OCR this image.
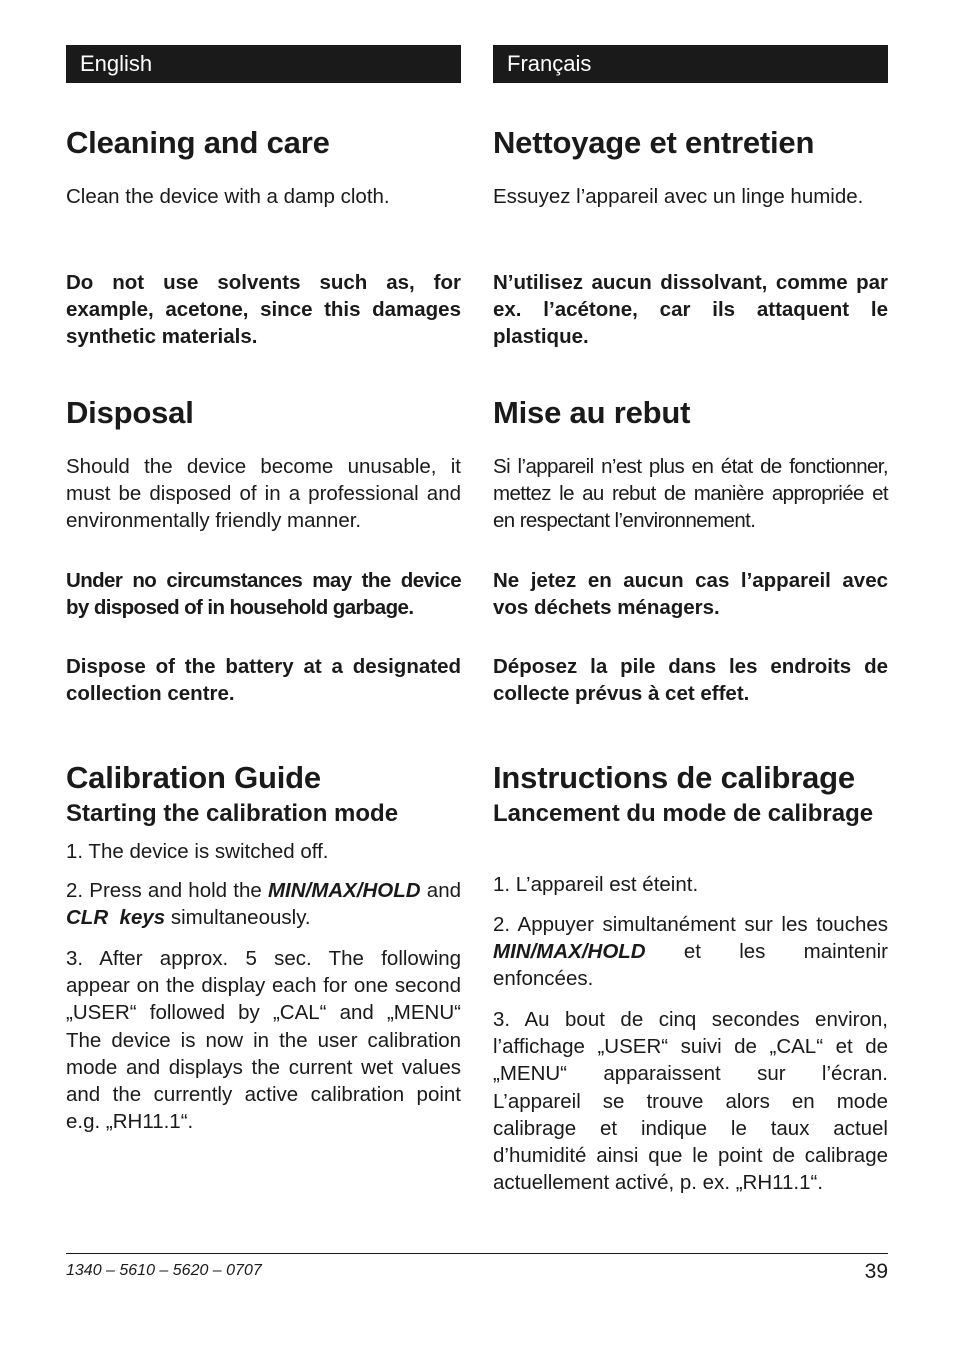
English
Cleaning and care

Clean the device with a damp cloth.

Do not use solvents such as, for example, acetone, since this damages synthetic materials.

Disposal

Should the device become unusable, it must be disposed of in a professional and environmentally friendly manner.

Under no circumstances may the device by disposed of in household garbage.

Dispose of the battery at a designated collection centre.

Calibration Guide
Starting the calibration mode

1. The device is switched off.

2. Press and hold the MIN/MAX/HOLD and CLR keys simultaneously.

3. After approx. 5 sec. The following appear on the display each for one second „USER“ followed by „CAL“ and „MENU“ The device is now in the user calibration mode and displays the current wet values and the currently active calibration point e.g. „RH11.1“.

Français
Nettoyage et entretien

Essuyez l’appareil avec un linge humide.

N’utilisez aucun dissolvant, comme par ex. l’acétone, car ils attaquent le plastique.

Mise au rebut

Si l’appareil n’est plus en état de fonctionner, mettez le au rebut de manière appropriée et en respectant l’environnement.

Ne jetez en aucun cas l’appareil avec vos déchets ménagers.

Déposez la pile dans les endroits de collecte prévus à cet effet.

Instructions de calibrage
Lancement du mode de calibrage

1. L’appareil est éteint.

2. Appuyer simultanément sur les touches MIN/MAX/HOLD et les maintenir enfoncées.

3. Au bout de cinq secondes environ, l’affichage „USER“ suivi de „CAL“ et de „MENU“ apparaissent sur l’écran. L’appareil se trouve alors en mode calibrage et indique le taux actuel d’humidité ainsi que le point de calibrage actuellement activé, p. ex. „RH11.1“.

1340 – 5610 – 5620 – 0707	39
